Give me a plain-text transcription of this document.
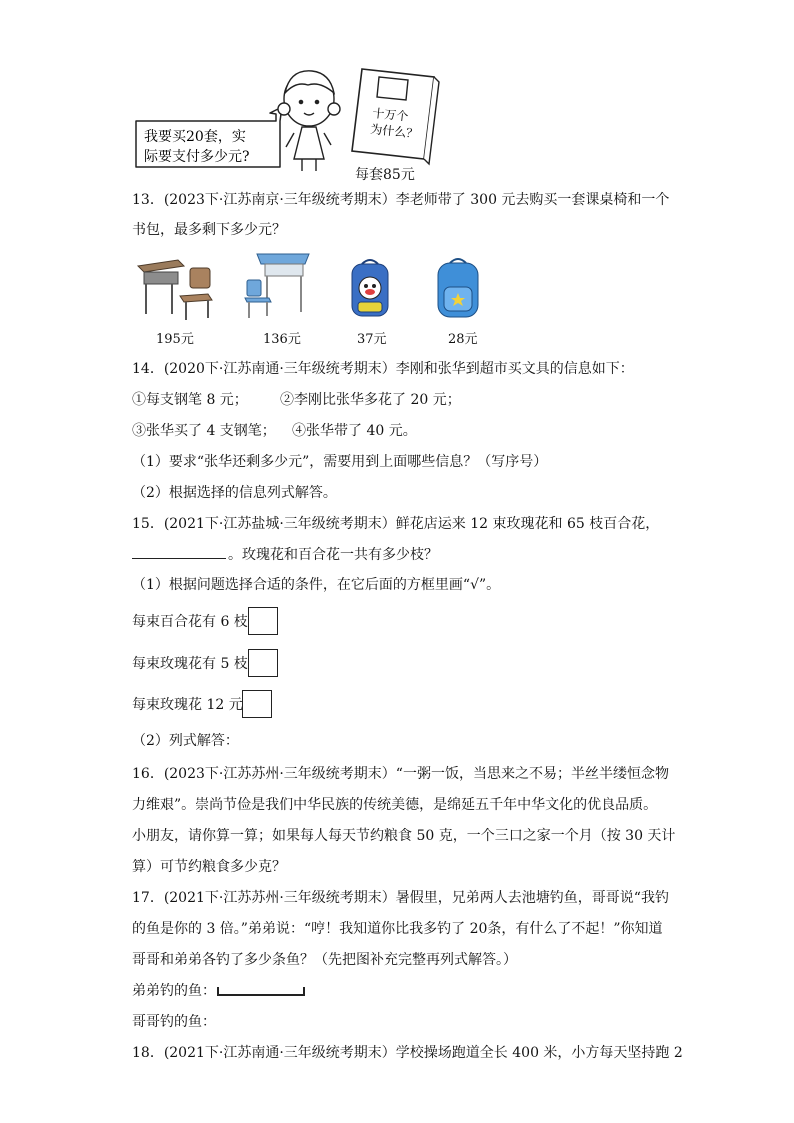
我要买20套，实
际要支付多少元?
十万个
为什么？
每套85元
13．(2023下·江苏南京·三年级统考期末）李老师带了 300 元去购买一套课桌椅和一个
书包，最多剩下多少元？
195元	136元	37元	28元
14．(2020下·江苏南通·三年级统考期末）李刚和张华到超市买文具的信息如下：
①每支钢笔 8 元； ②李刚比张华多花了 20 元；
③张华买了 4 支钢笔； ④张华带了 40 元。
（1）要求“张华还剩多少元”，需要用到上面哪些信息？（写序号）
（2）根据选择的信息列式解答。
15．(2021下·江苏盐城·三年级统考期末）鲜花店运来 12 束玫瑰花和 65 枝百合花，
。玫瑰花和百合花一共有多少枝？
（1）根据问题选择合适的条件，在它后面的方框里画“√”。
每束百合花有 6 枝
每束玫瑰花有 5 枝
每束玫瑰花 12 元
（2）列式解答：
16．(2023下·江苏苏州·三年级统考期末）“一粥一饭，当思来之不易；半丝半缕恒念物
力维艰”。崇尚节俭是我们中华民族的传统美德，是绵延五千年中华文化的优良品质。
小朋友，请你算一算；如果每人每天节约粮食 50 克，一个三口之家一个月（按 30 天计
算）可节约粮食多少克？
17．(2021下·江苏苏州·三年级统考期末）暑假里，兄弟两人去池塘钓鱼，哥哥说“我钓
的鱼是你的 3 倍。”弟弟说：“哼！我知道你比我多钓了 20条，有什么了不起！”你知道
哥哥和弟弟各钓了多少条鱼？（先把图补充完整再列式解答。）
弟弟钓的鱼：
哥哥钓的鱼：
18．(2021下·江苏南通·三年级统考期末）学校操场跑道全长 400 米，小方每天坚持跑 2
